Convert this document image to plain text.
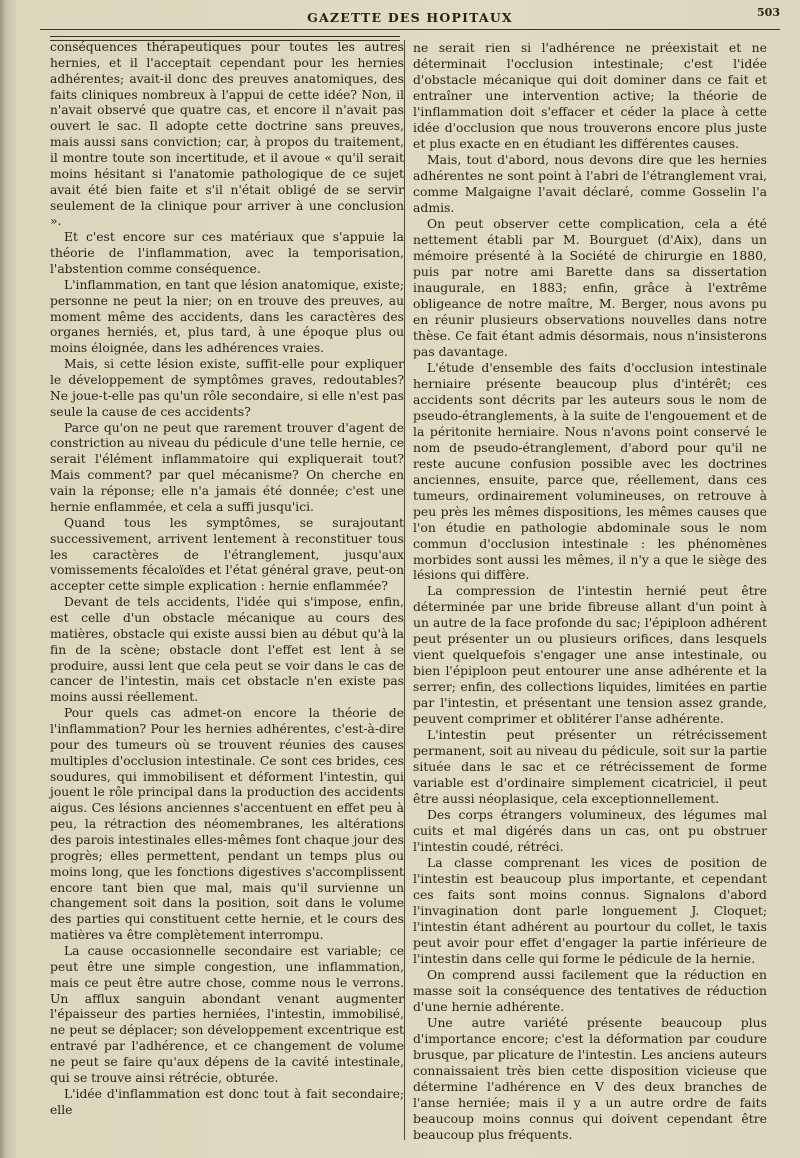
GAZETTE DES HOPITAUX	503

conséquences thérapeutiques pour toutes les autres hernies, et il l'acceptait cependant pour les hernies adhérentes; avait-il donc des preuves anatomiques, des faits cliniques nombreux à l'appui de cette idée? Non, il n'avait observé que quatre cas, et encore il n'avait pas ouvert le sac. Il adopte cette doctrine sans preuves, mais aussi sans conviction; car, à propos du traitement, il montre toute son incertitude, et il avoue « qu'il serait moins hésitant si l'anatomie pathologique de ce sujet avait été bien faite et s'il n'était obligé de se servir seulement de la clinique pour arriver à une conclusion ».

Et c'est encore sur ces matériaux que s'appuie la théorie de l'inflammation, avec la temporisation, l'abstention comme conséquence.

L'inflammation, en tant que lésion anatomique, existe; personne ne peut la nier; on en trouve des preuves, au moment même des accidents, dans les caractères des organes herniés, et, plus tard, à une époque plus ou moins éloignée, dans les adhérences vraies.

Mais, si cette lésion existe, suffit-elle pour expliquer le développement de symptômes graves, redoutables? Ne joue-t-elle pas qu'un rôle secondaire, si elle n'est pas seule la cause de ces accidents?

Parce qu'on ne peut que rarement trouver d'agent de constriction au niveau du pédicule d'une telle hernie, ce serait l'élément inflammatoire qui expliquerait tout? Mais comment? par quel mécanisme? On cherche en vain la réponse; elle n'a jamais été donnée; c'est une hernie enflammée, et cela a suffi jusqu'ici.

Quand tous les symptômes, se surajoutant successivement, arrivent lentement à reconstituer tous les caractères de l'étranglement, jusqu'aux vomissements fécaloïdes et l'état général grave, peut-on accepter cette simple explication : hernie enflammée?

Devant de tels accidents, l'idée qui s'impose, enfin, est celle d'un obstacle mécanique au cours des matières, obstacle qui existe aussi bien au début qu'à la fin de la scène; obstacle dont l'effet est lent à se produire, aussi lent que cela peut se voir dans le cas de cancer de l'intestin, mais cet obstacle n'en existe pas moins aussi réellement.

Pour quels cas admet-on encore la théorie de l'inflammation? Pour les hernies adhérentes, c'est-à-dire pour des tumeurs où se trouvent réunies des causes multiples d'occlusion intestinale. Ce sont ces brides, ces soudures, qui immobilisent et déforment l'intestin, qui jouent le rôle principal dans la production des accidents aigus. Ces lésions anciennes s'accentuent en effet peu à peu, la rétraction des néomembranes, les altérations des parois intestinales elles-mêmes font chaque jour des progrès; elles permettent, pendant un temps plus ou moins long, que les fonctions digestives s'accomplissent encore tant bien que mal, mais qu'il survienne un changement soit dans la position, soit dans le volume des parties qui constituent cette hernie, et le cours des matières va être complètement interrompu.

La cause occasionnelle secondaire est variable; ce peut être une simple congestion, une inflammation, mais ce peut être autre chose, comme nous le verrons. Un afflux sanguin abondant venant augmenter l'épaisseur des parties herniées, l'intestin, immobilisé, ne peut se déplacer; son développement excentrique est entravé par l'adhérence, et ce changement de volume ne peut se faire qu'aux dépens de la cavité intestinale, qui se trouve ainsi rétrécie, obturée.

L'idée d'inflammation est donc tout à fait secondaire; elle

ne serait rien si l'adhérence ne préexistait et ne déterminait l'occlusion intestinale; c'est l'idée d'obstacle mécanique qui doit dominer dans ce fait et entraîner une intervention active; la théorie de l'inflammation doit s'effacer et céder la place à cette idée d'occlusion que nous trouverons encore plus juste et plus exacte en en étudiant les différentes causes.

Mais, tout d'abord, nous devons dire que les hernies adhérentes ne sont point à l'abri de l'étranglement vrai, comme Malgaigne l'avait déclaré, comme Gosselin l'a admis.

On peut observer cette complication, cela a été nettement établi par M. Bourguet (d'Aix), dans un mémoire présenté à la Société de chirurgie en 1880, puis par notre ami Barette dans sa dissertation inaugurale, en 1883; enfin, grâce à l'extrême obligeance de notre maître, M. Berger, nous avons pu en réunir plusieurs observations nouvelles dans notre thèse. Ce fait étant admis désormais, nous n'insisterons pas davantage.

L'étude d'ensemble des faits d'occlusion intestinale herniaire présente beaucoup plus d'intérêt; ces accidents sont décrits par les auteurs sous le nom de pseudo-étranglements, à la suite de l'engouement et de la péritonite herniaire. Nous n'avons point conservé le nom de pseudo-étranglement, d'abord pour qu'il ne reste aucune confusion possible avec les doctrines anciennes, ensuite, parce que, réellement, dans ces tumeurs, ordinairement volumineuses, on retrouve à peu près les mêmes dispositions, les mêmes causes que l'on étudie en pathologie abdominale sous le nom commun d'occlusion intestinale : les phénomènes morbides sont aussi les mêmes, il n'y a que le siège des lésions qui diffère.

La compression de l'intestin hernié peut être déterminée par une bride fibreuse allant d'un point à un autre de la face profonde du sac; l'épiploon adhérent peut présenter un ou plusieurs orifices, dans lesquels vient quelquefois s'engager une anse intestinale, ou bien l'épiploon peut entourer une anse adhérente et la serrer; enfin, des collections liquides, limitées en partie par l'intestin, et présentant une tension assez grande, peuvent comprimer et oblitérer l'anse adhérente.

L'intestin peut présenter un rétrécissement permanent, soit au niveau du pédicule, soit sur la partie située dans le sac et ce rétrécissement de forme variable est d'ordinaire simplement cicatriciel, il peut être aussi néoplasique, cela exceptionnellement.

Des corps étrangers volumineux, des légumes mal cuits et mal digérés dans un cas, ont pu obstruer l'intestin coudé, rétréci.

La classe comprenant les vices de position de l'intestin est beaucoup plus importante, et cependant ces faits sont moins connus. Signalons d'abord l'invagination dont parle longuement J. Cloquet; l'intestin étant adhérent au pourtour du collet, le taxis peut avoir pour effet d'engager la partie inférieure de l'intestin dans celle qui forme le pédicule de la hernie.

On comprend aussi facilement que la réduction en masse soit la conséquence des tentatives de réduction d'une hernie adhérente.

Une autre variété présente beaucoup plus d'importance encore; c'est la déformation par coudure brusque, par plicature de l'intestin. Les anciens auteurs connaissaient très bien cette disposition vicieuse que détermine l'adhérence en V des deux branches de l'anse herniée; mais il y a un autre ordre de faits beaucoup moins connus qui doivent cependant être beaucoup plus fréquents.
